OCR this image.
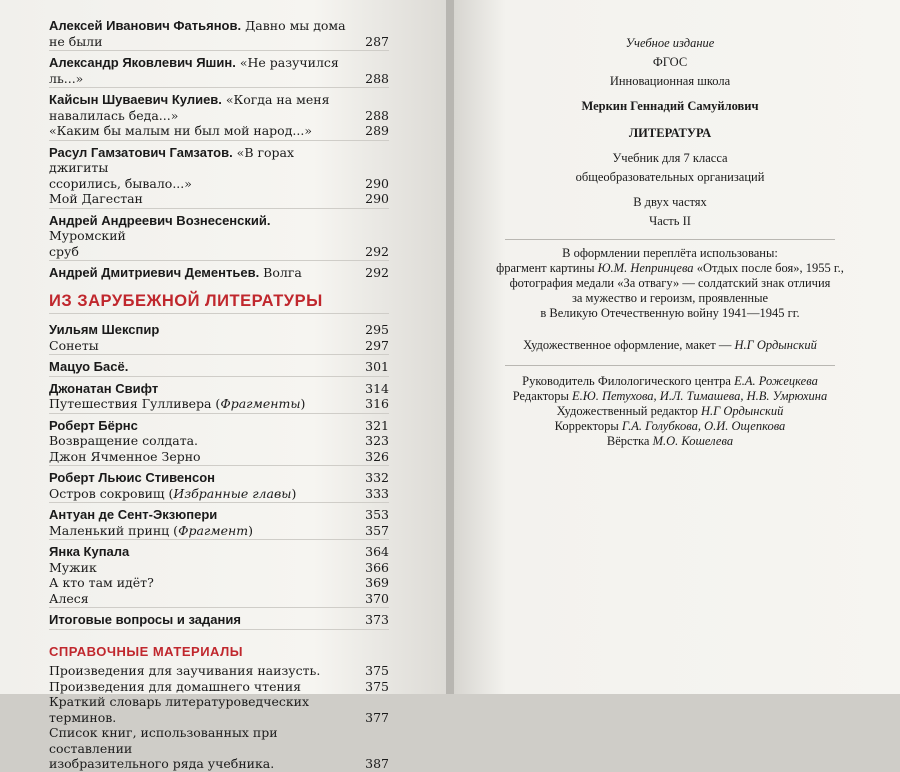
Алексей Иванович Фатьянов. Давно мы дома
не были	287
Александр Яковлевич Яшин. «Не разучился ль...»	288
Кайсын Шуваевич Кулиев. «Когда на меня
навалилась беда...»	288
«Каким бы малым ни был мой народ...»	289
Расул Гамзатович Гамзатов. «В горах джигиты
ссорились, бывало...»	290
Мой Дагестан	290
Андрей Андреевич Вознесенский. Муромский
сруб	292
Андрей Дмитриевич Дементьев. Волга	292
ИЗ ЗАРУБЕЖНОЙ ЛИТЕРАТУРЫ
Уильям Шекспир	295
Сонеты	297
Мацуо Басё.	301
Джонатан Свифт	314
Путешествия Гулливера (Фрагменты)	316
Роберт Бёрнс	321
Возвращение солдата.	323
Джон Ячменное Зерно	326
Роберт Льюис Стивенсон	332
Остров сокровищ (Избранные главы)	333
Антуан де Сент-Экзюпери	353
Маленький принц (Фрагмент)	357
Янка Купала	364
Мужик	366
А кто там идёт?	369
Алеся	370
Итоговые вопросы и задания	373
СПРАВОЧНЫЕ МАТЕРИАЛЫ
Произведения для заучивания наизусть.	375
Произведения для домашнего чтения	375
Краткий словарь литературоведческих терминов.	377
Список книг, использованных при составлении
изобразительного ряда учебника.	387

Учебное издание

ФГОС

Инновационная школа

Меркин Геннадий Самуйлович

ЛИТЕРАТУРА

Учебник для 7 класса

общеобразовательных организаций

В двух частях

Часть II

В оформлении переплёта использованы:

фрагмент картины Ю.М. Непринцева «Отдых после боя», 1955 г.,

фотография медали «За отвагу» — солдатский знак отличия

за мужество и героизм, проявленные

в Великую Отечественную войну 1941—1945 гг.

Художественное оформление, макет — Н.Г Ордынский

Руководитель Филологического центра Е.А. Рожецкева

Редакторы Е.Ю. Петухова, И.Л. Тимашева, Н.В. Умрюхина

Художественный редактор Н.Г Ордынский

Корректоры Г.А. Голубкова, О.И. Ощепкова

Вёрстка М.О. Кошелева
